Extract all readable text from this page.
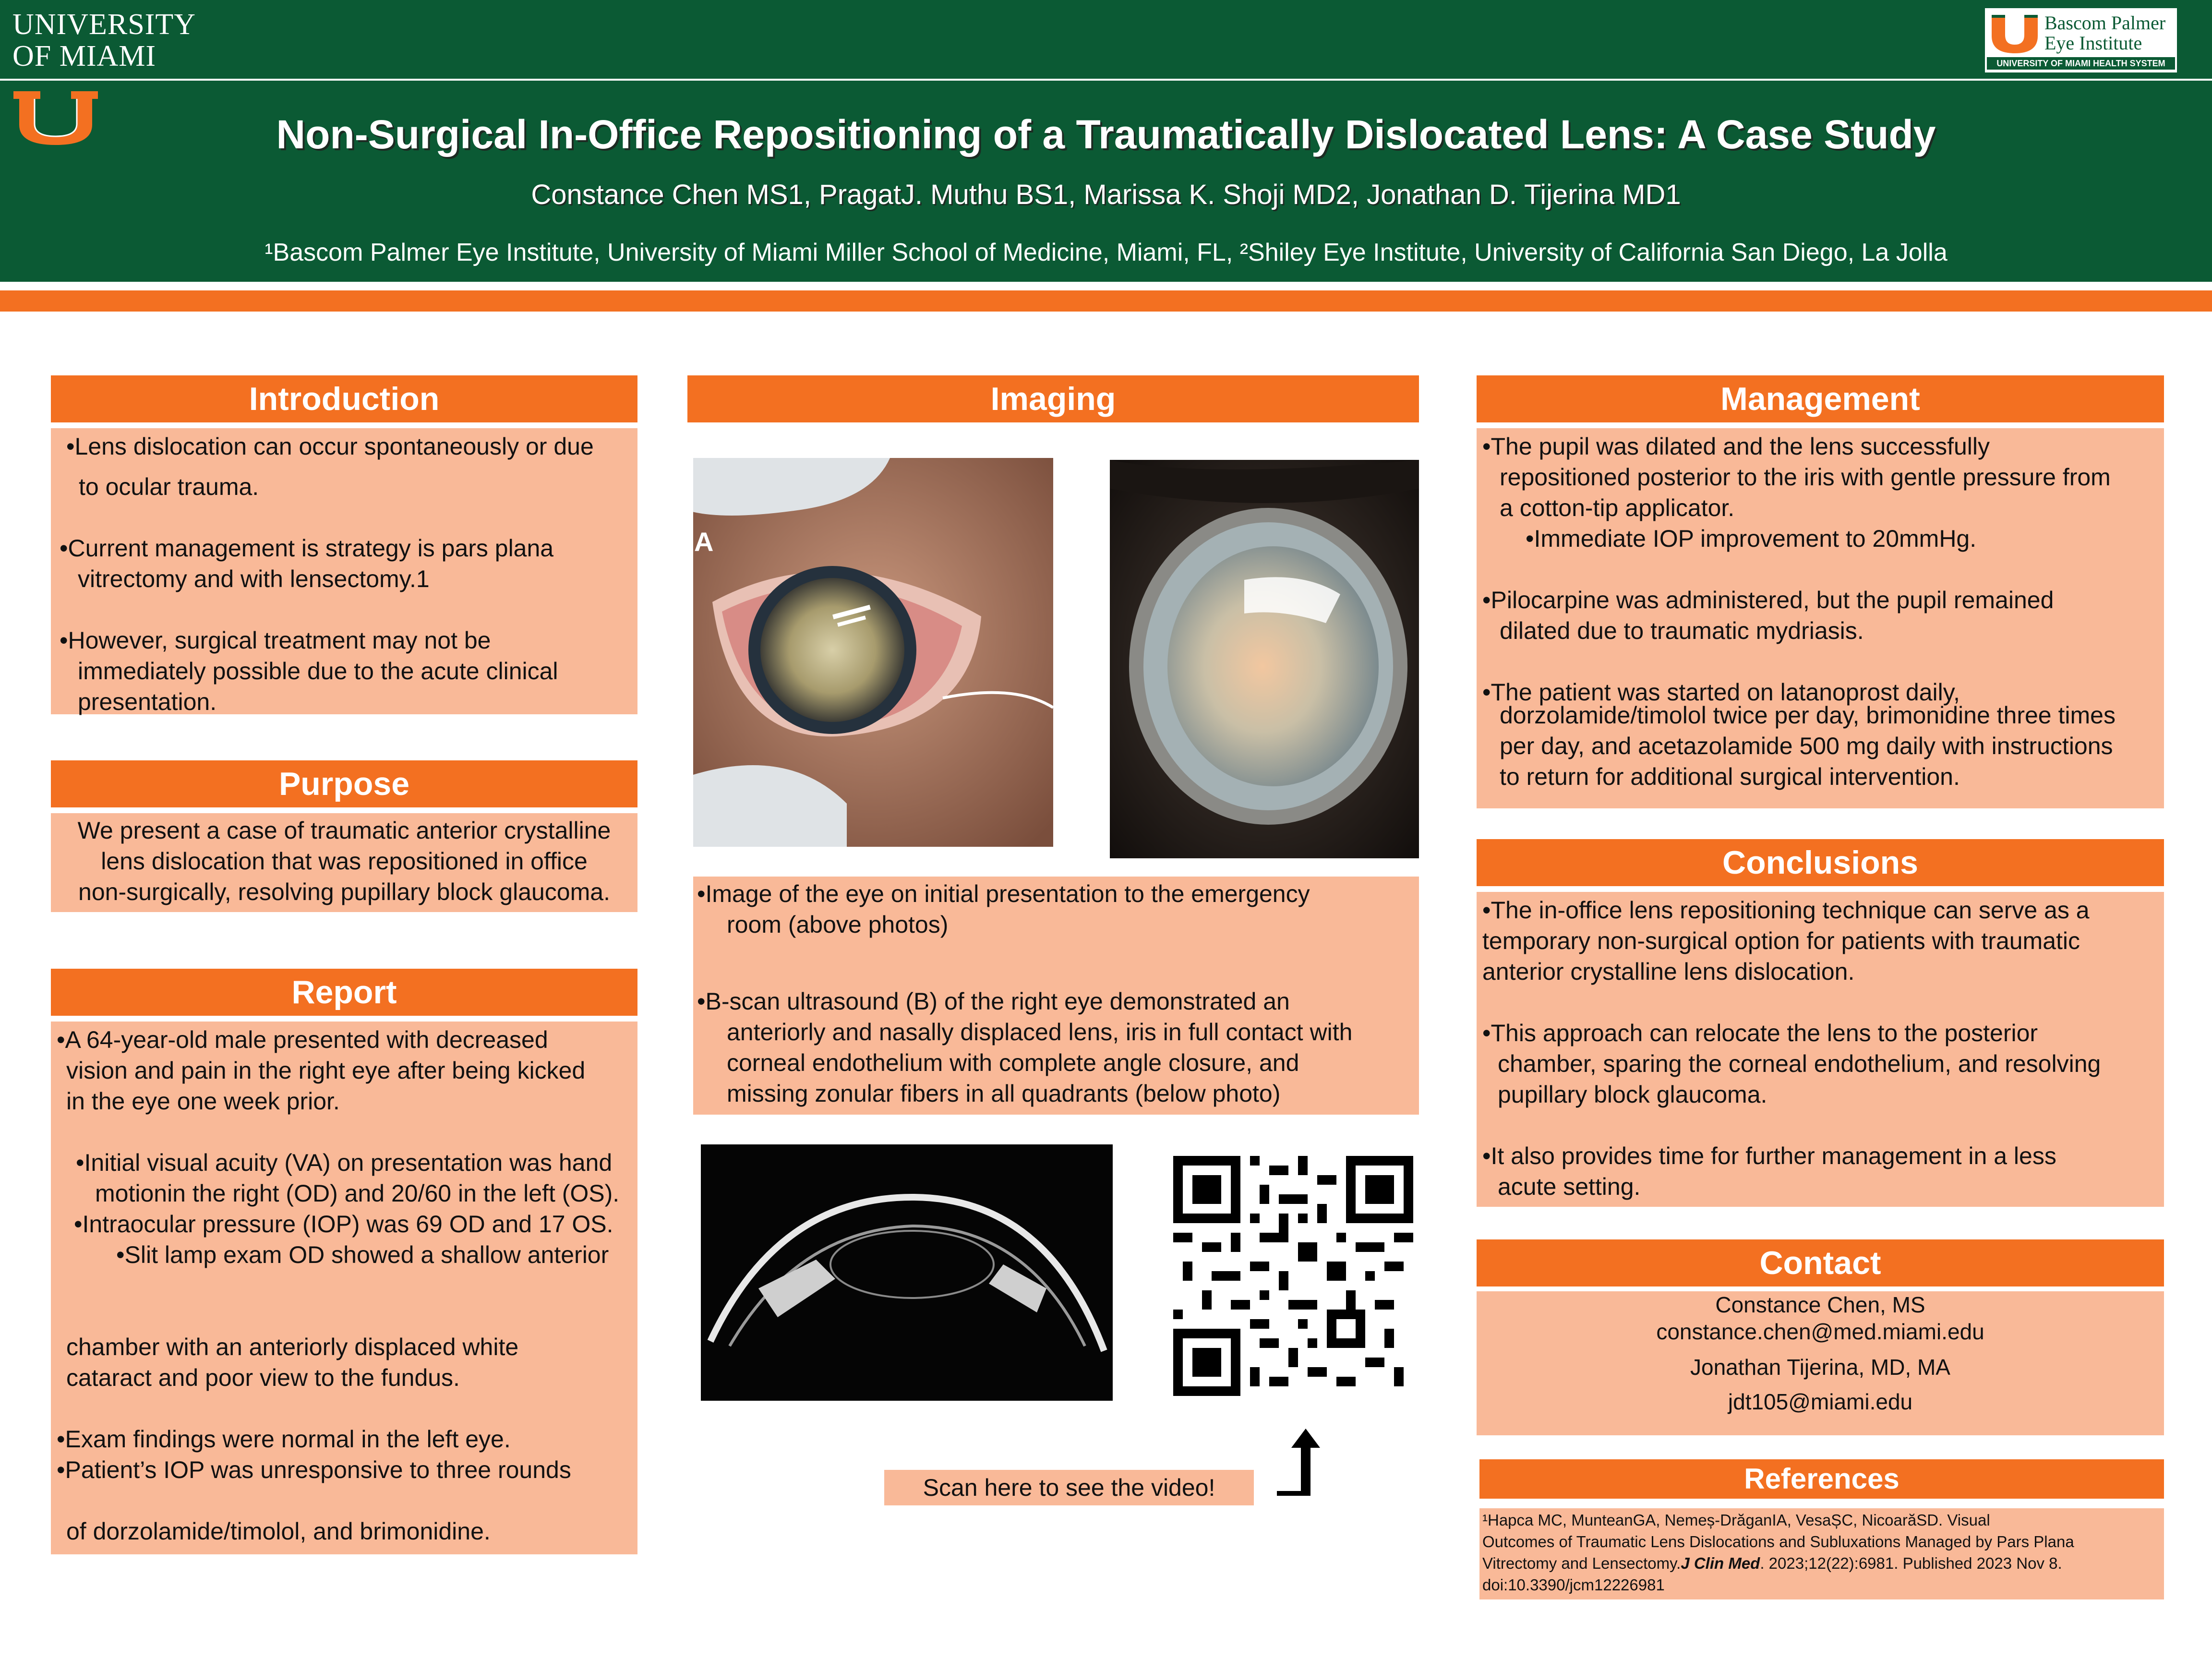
UNIVERSITY
OF MIAMI
Bascom Palmer
Eye Institute
UNIVERSITY OF MIAMI HEALTH SYSTEM
Non-Surgical In-Office Repositioning of a Traumatically Dislocated Lens: A Case Study
Constance Chen MS1, PragatJ. Muthu BS1, Marissa K. Shoji MD2, Jonathan D. Tijerina MD1
¹Bascom Palmer Eye Institute, University of Miami Miller School of Medicine, Miami, FL, ²Shiley Eye Institute, University of California San Diego, La Jolla
Introduction

•Lens dislocation can occur spontaneously or due

to ocular trauma.

•Current management is strategy is pars plana

vitrectomy and with lensectomy.1

•However, surgical treatment may not be

immediately possible due to the acute clinical

presentation.

Purpose

We present a case of traumatic anterior crystalline

lens dislocation that was repositioned in office

non-surgically, resolving pupillary block glaucoma.

Report

•A 64-year-old male presented with decreased

vision and pain in the right eye after being kicked

in the eye one week prior.

•Initial visual acuity (VA) on presentation was hand

motionin the right (OD) and 20/60 in the left (OS).

•Intraocular pressure (IOP) was 69 OD and 17 OS.

•Slit lamp exam OD showed a shallow anterior

chamber with an anteriorly displaced white

cataract and poor view to the fundus.

•Exam findings were normal in the left eye.

•Patient’s IOP was unresponsive to three rounds

of dorzolamide/timolol, and brimonidine.

Imaging
A

•Image of the eye on initial presentation to the emergency

room (above photos)

•B-scan ultrasound (B) of the right eye demonstrated an

anteriorly and nasally displaced lens, iris in full contact with

corneal endothelium with complete angle closure, and

missing zonular fibers in all quadrants (below photo)

Scan here to see the video!
Management

•The pupil was dilated and the lens successfully

repositioned posterior to the iris with gentle pressure from

a cotton-tip applicator.

•Immediate IOP improvement to 20mmHg.

•Pilocarpine was administered, but the pupil remained

dilated due to traumatic mydriasis.

•The patient was started on latanoprost daily,

dorzolamide/timolol twice per day, brimonidine three times

per day, and acetazolamide 500 mg daily with instructions

to return for additional surgical intervention.

Conclusions

•The in-office lens repositioning technique can serve as a

temporary non-surgical option for patients with traumatic

anterior crystalline lens dislocation.

•This approach can relocate the lens to the posterior

chamber, sparing the corneal endothelium, and resolving

pupillary block glaucoma.

•It also provides time for further management in a less

acute setting.

Contact

Constance Chen, MS

constance.chen@med.miami.edu

Jonathan Tijerina, MD, MA

jdt105@miami.edu

References

¹Hapca MC, MunteanGA, Nemeș-DrăganIA, VesaȘC, NicoarăSD. Visual

Outcomes of Traumatic Lens Dislocations and Subluxations Managed by Pars Plana

Vitrectomy and Lensectomy.J Clin Med. 2023;12(22):6981. Published 2023 Nov 8.

doi:10.3390/jcm12226981
